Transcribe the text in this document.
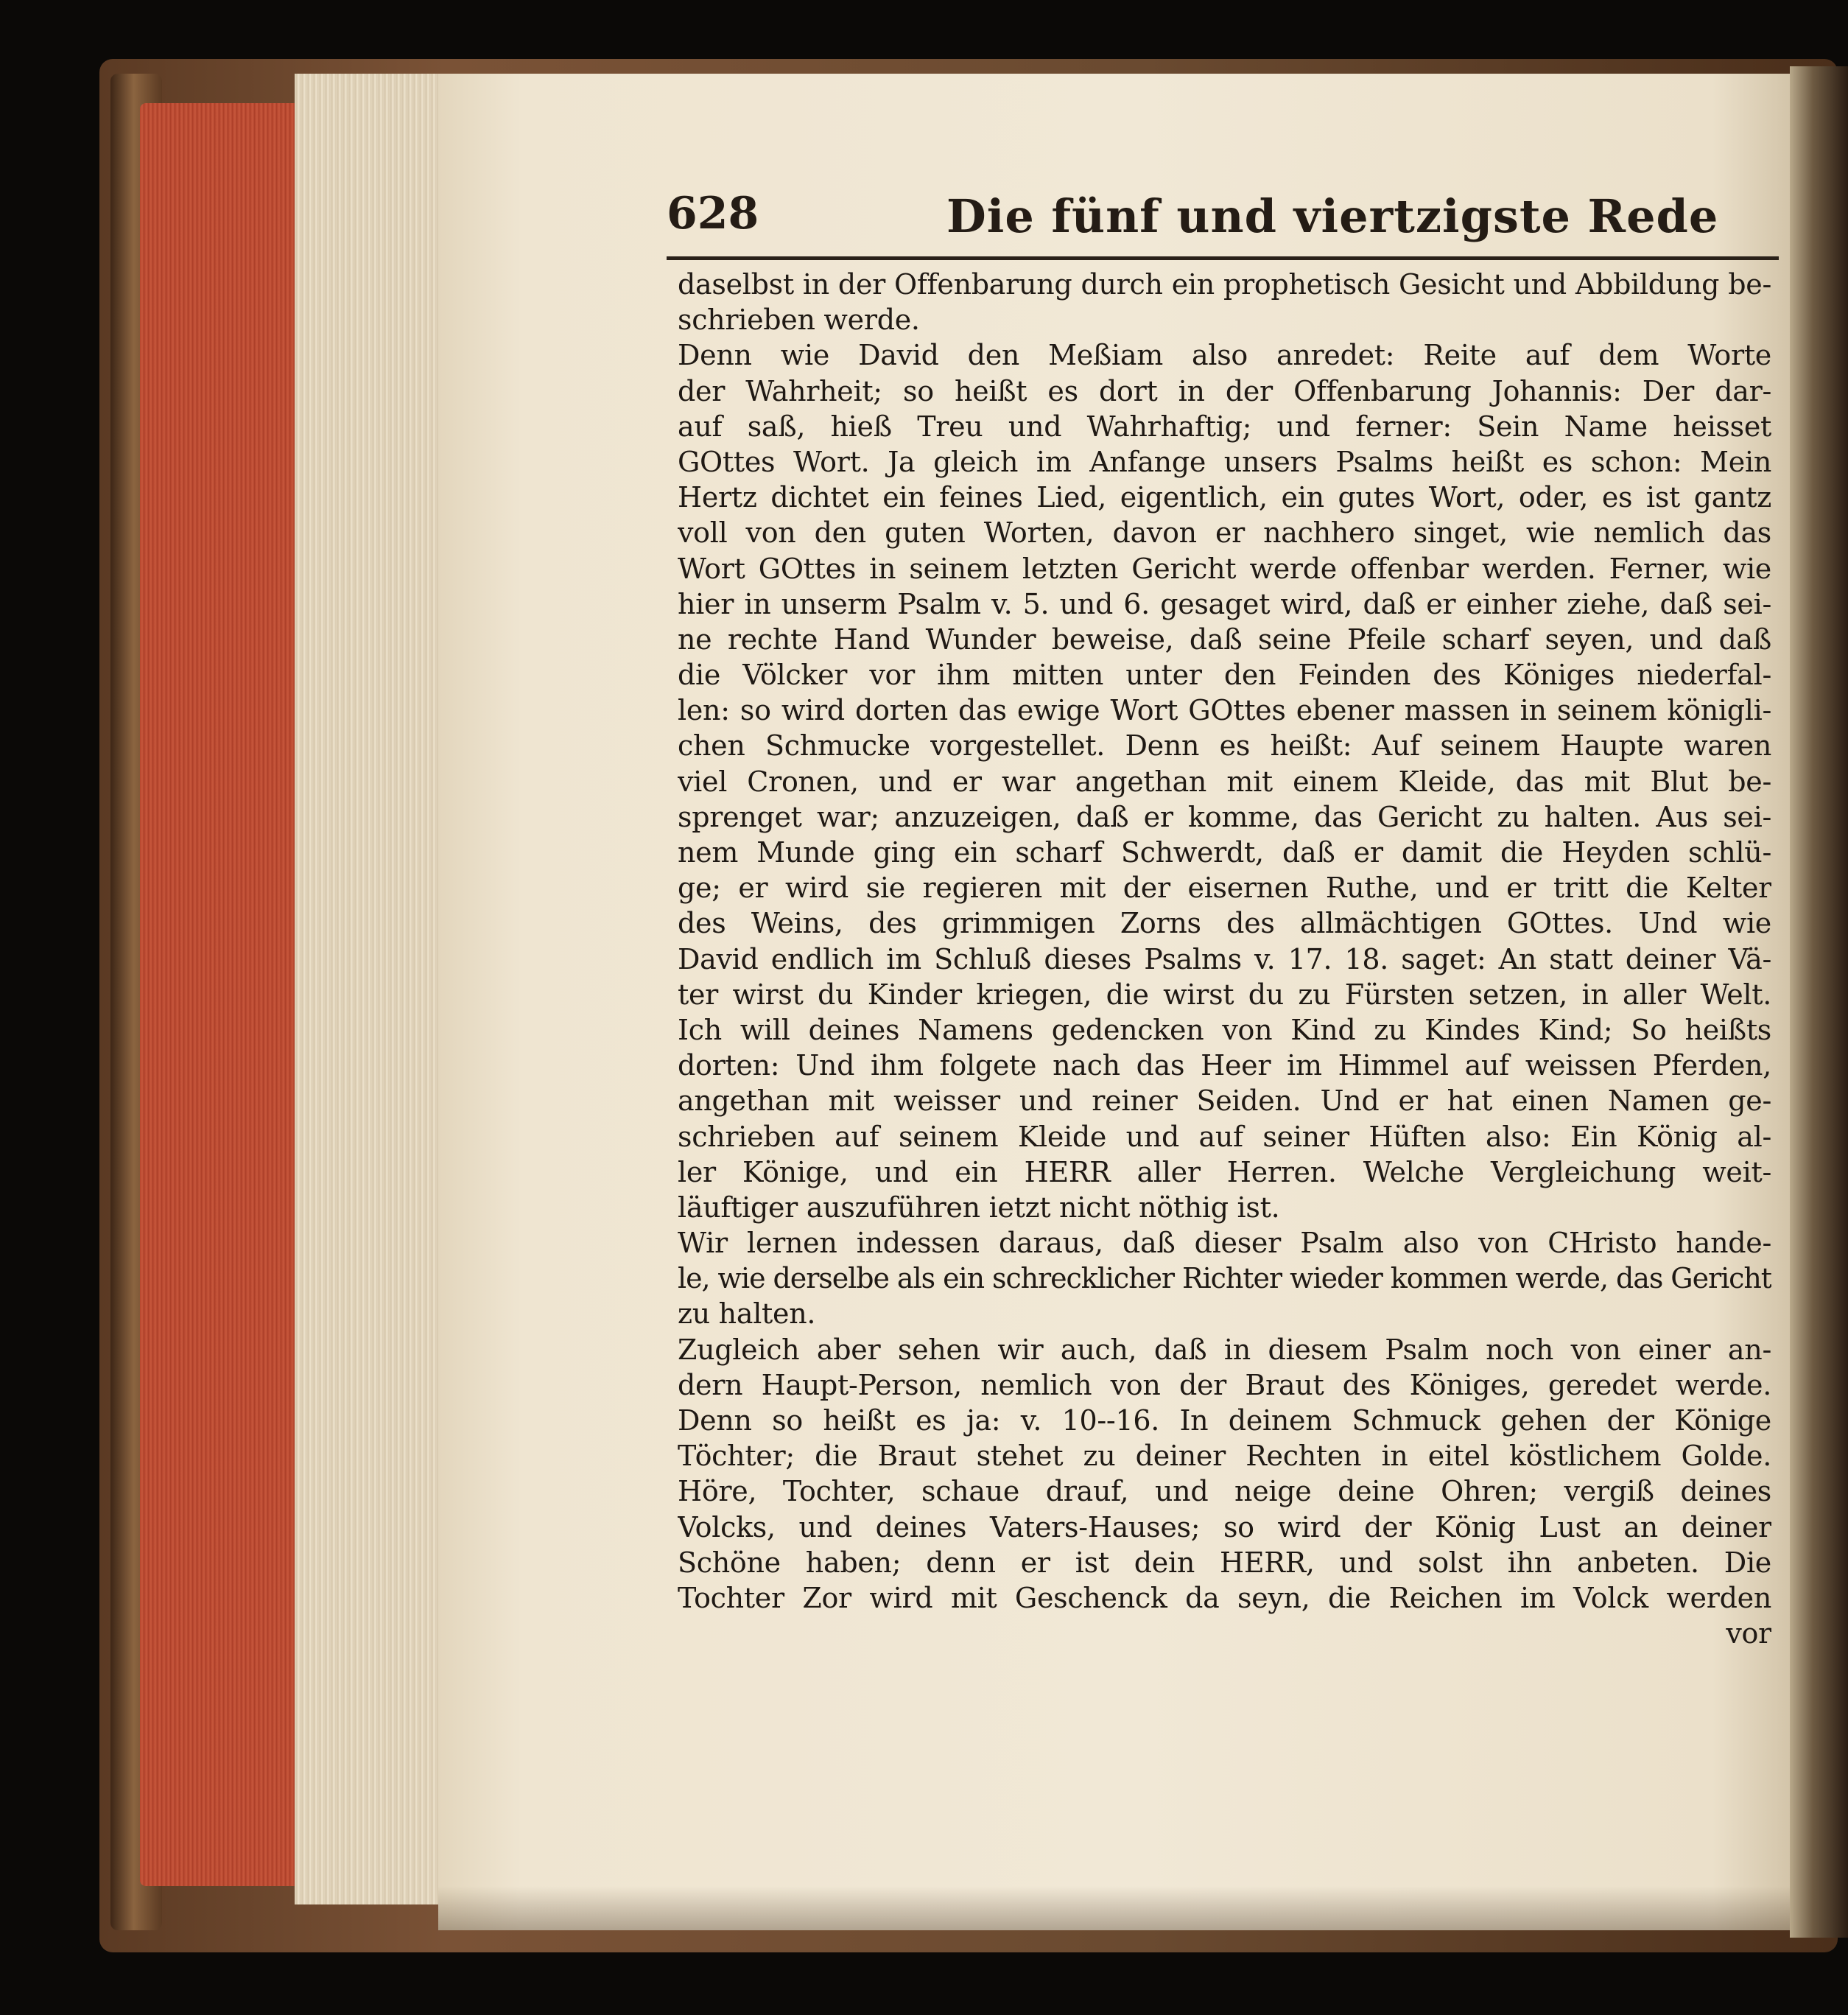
628	Die fünf und viertzigste Rede
daselbst in der Offenbarung durch ein prophetisch Gesicht und Abbildung be-
schrieben werde.
Denn wie David den Meßiam also anredet: Reite auf dem Worte
der Wahrheit; so heißt es dort in der Offenbarung Johannis: Der dar-
auf saß, hieß Treu und Wahrhaftig; und ferner: Sein Name heisset
GOttes Wort. Ja gleich im Anfange unsers Psalms heißt es schon: Mein
Hertz dichtet ein feines Lied, eigentlich, ein gutes Wort, oder, es ist gantz
voll von den guten Worten, davon er nachhero singet, wie nemlich das
Wort GOttes in seinem letzten Gericht werde offenbar werden. Ferner, wie
hier in unserm Psalm v. 5. und 6. gesaget wird, daß er einher ziehe, daß sei-
ne rechte Hand Wunder beweise, daß seine Pfeile scharf seyen, und daß
die Völcker vor ihm mitten unter den Feinden des Königes niederfal-
len: so wird dorten das ewige Wort GOttes ebener massen in seinem königli-
chen Schmucke vorgestellet. Denn es heißt: Auf seinem Haupte waren
viel Cronen, und er war angethan mit einem Kleide, das mit Blut be-
sprenget war; anzuzeigen, daß er komme, das Gericht zu halten. Aus sei-
nem Munde ging ein scharf Schwerdt, daß er damit die Heyden schlü-
ge; er wird sie regieren mit der eisernen Ruthe, und er tritt die Kelter
des Weins, des grimmigen Zorns des allmächtigen GOttes. Und wie
David endlich im Schluß dieses Psalms v. 17. 18. saget: An statt deiner Vä-
ter wirst du Kinder kriegen, die wirst du zu Fürsten setzen, in aller Welt.
Ich will deines Namens gedencken von Kind zu Kindes Kind; So heißts
dorten: Und ihm folgete nach das Heer im Himmel auf weissen Pferden,
angethan mit weisser und reiner Seiden. Und er hat einen Namen ge-
schrieben auf seinem Kleide und auf seiner Hüften also: Ein König al-
ler Könige, und ein HERR aller Herren. Welche Vergleichung weit-
läuftiger auszuführen ietzt nicht nöthig ist.
Wir lernen indessen daraus, daß dieser Psalm also von CHristo hande-
le, wie derselbe als ein schrecklicher Richter wieder kommen werde, das Gericht
zu halten.
Zugleich aber sehen wir auch, daß in diesem Psalm noch von einer an-
dern Haupt-Person, nemlich von der Braut des Königes, geredet werde.
Denn so heißt es ja: v. 10--16. In deinem Schmuck gehen der Könige
Töchter; die Braut stehet zu deiner Rechten in eitel köstlichem Golde.
Höre, Tochter, schaue drauf, und neige deine Ohren; vergiß deines
Volcks, und deines Vaters-Hauses; so wird der König Lust an deiner
Schöne haben; denn er ist dein HERR, und solst ihn anbeten. Die
Tochter Zor wird mit Geschenck da seyn, die Reichen im Volck werden
vor
